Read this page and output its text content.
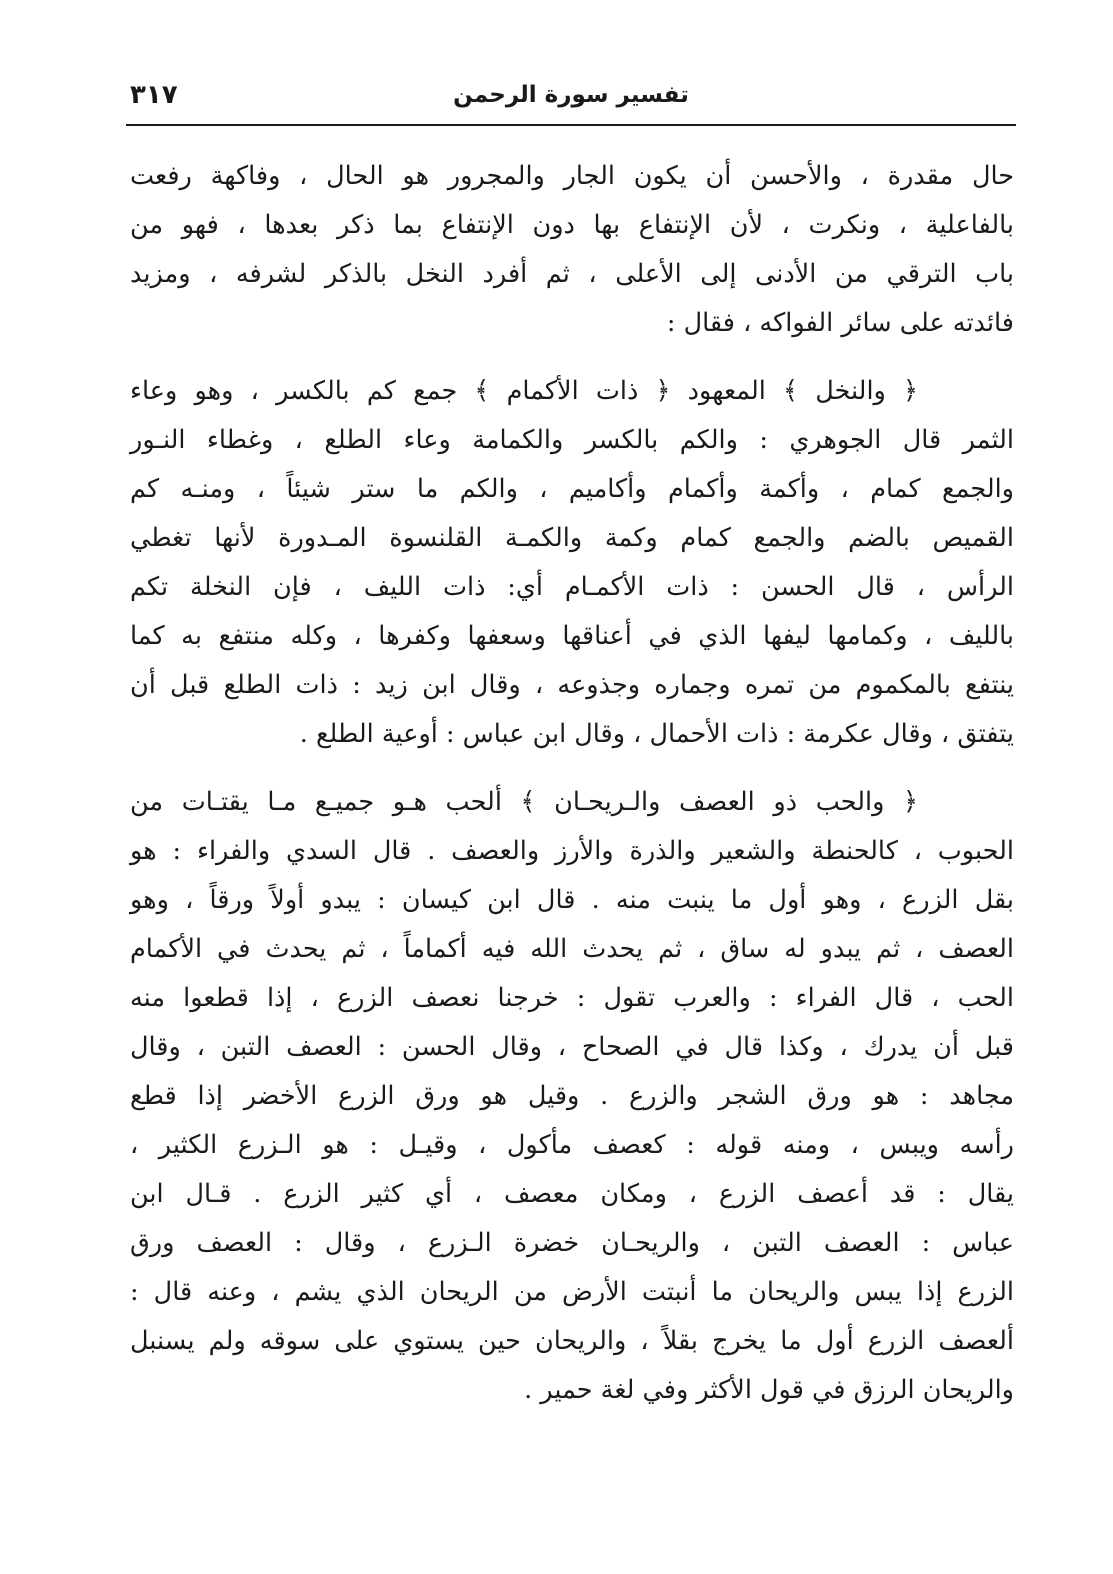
تفسير سورة الرحمن
٣١٧
حال مقدرة ، والأحسن أن يكون الجار والمجرور هو الحال ، وفاكهة رفعت
بالفاعلية ، ونكرت ، لأن الإنتفاع بها دون الإنتفاع بما ذكر بعدها ، فهو من
باب الترقي من الأدنى إلى الأعلى ، ثم أفرد النخل بالذكر لشرفه ، ومزيد
فائدته على سائر الفواكه ، فقال :
﴿ والنخل ﴾ المعهود ﴿ ذات الأكمام ﴾ جمع كم بالكسر ، وهو وعاء
الثمر قال الجوهري : والكم بالكسر والكمامة وعاء الطلع ، وغطاء النـور
والجمع كمام ، وأكمة وأكمام وأكاميم ، والكم ما ستر شيئاً ، ومنـه كم
القميص بالضم والجمع كمام وكمة والكمـة القلنسوة المـدورة لأنها تغطي
الرأس ، قال الحسن : ذات الأكمـام أي: ذات الليف ، فإن النخلة تكم
بالليف ، وكمامها ليفها الذي في أعناقها وسعفها وكفرها ، وكله منتفع به كما
ينتفع بالمكموم من تمره وجماره وجذوعه ، وقال ابن زيد : ذات الطلع قبل أن
يتفتق ، وقال عكرمة : ذات الأحمال ، وقال ابن عباس : أوعية الطلع .
﴿ والحب ذو العصف والـريحـان ﴾ ألحب هـو جميـع مـا يقتـات من
الحبوب ، كالحنطة والشعير والذرة والأرز والعصف . قال السدي والفراء : هو
بقل الزرع ، وهو أول ما ينبت منه . قال ابن كيسان : يبدو أولاً ورقاً ، وهو
العصف ، ثم يبدو له ساق ، ثم يحدث الله فيه أكماماً ، ثم يحدث في الأكمام
الحب ، قال الفراء : والعرب تقول : خرجنا نعصف الزرع ، إذا قطعوا منه
قبل أن يدرك ، وكذا قال في الصحاح ، وقال الحسن : العصف التبن ، وقال
مجاهد : هو ورق الشجر والزرع . وقيل هو ورق الزرع الأخضر إذا قطع
رأسه ويبس ، ومنه قوله : كعصف مأكول ، وقيـل : هو الـزرع الكثير ،
يقال : قد أعصف الزرع ، ومكان معصف ، أي كثير الزرع . قـال ابن
عباس : العصف التبن ، والريحـان خضرة الـزرع ، وقال : العصف ورق
الزرع إذا يبس والريحان ما أنبتت الأرض من الريحان الذي يشم ، وعنه قال :
ألعصف الزرع أول ما يخرج بقلاً ، والريحان حين يستوي على سوقه ولم يسنبل
والريحان الرزق في قول الأكثر وفي لغة حمير .
